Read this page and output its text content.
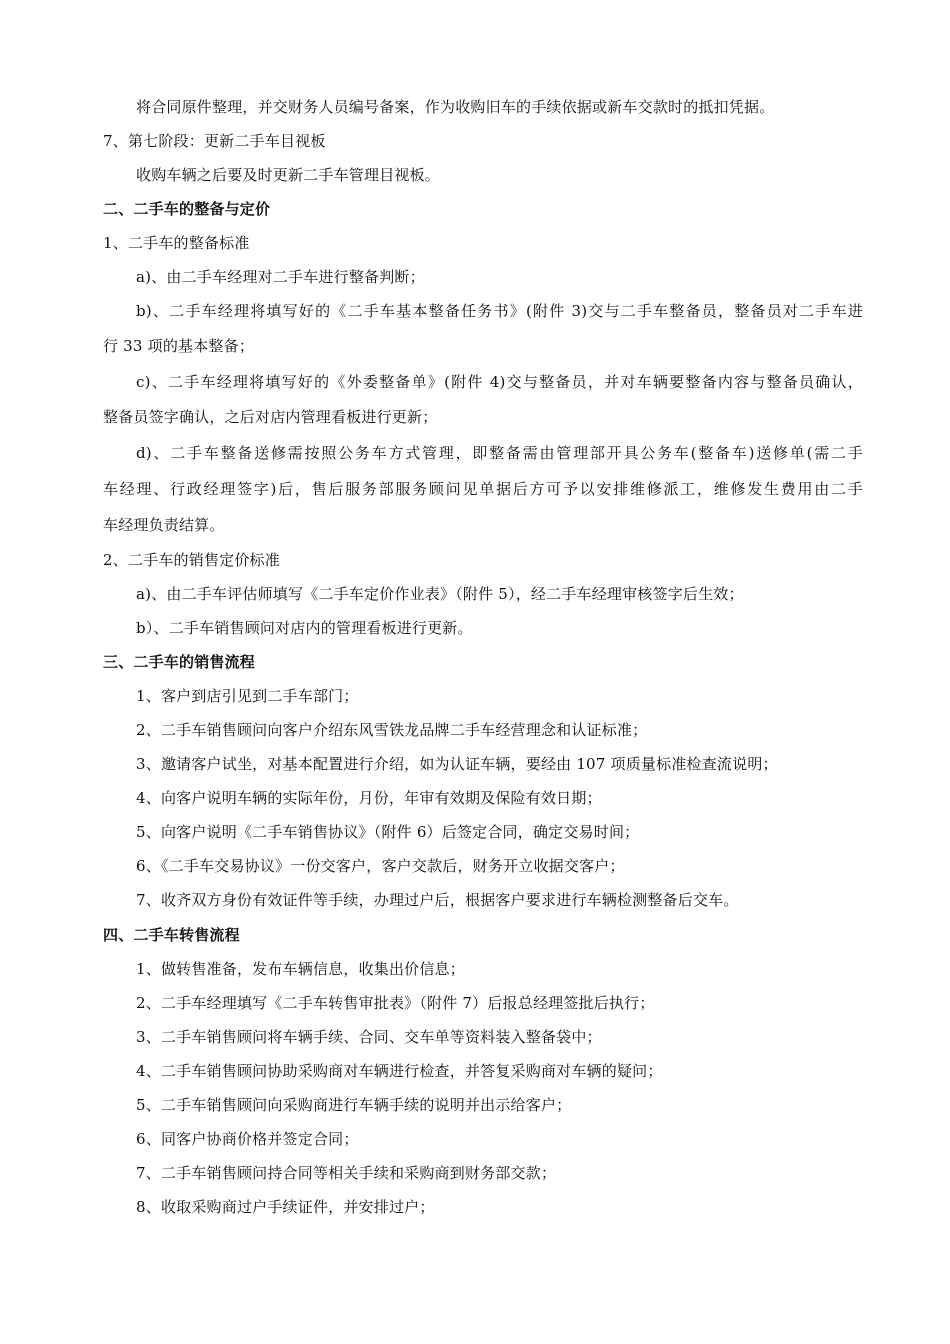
将合同原件整理，并交财务人员编号备案，作为收购旧车的手续依据或新车交款时的抵扣凭据。
7、第七阶段：更新二手车目视板
收购车辆之后要及时更新二手车管理目视板。
二、二手车的整备与定价
1、二手车的整备标准
a)、由二手车经理对二手车进行整备判断；
b)、二手车经理将填写好的《二手车基本整备任务书》(附件 3)交与二手车整备员，整备员对二手车进
行 33 项的基本整备；
c)、二手车经理将填写好的《外委整备单》(附件 4)交与整备员，并对车辆要整备内容与整备员确认，
整备员签字确认，之后对店内管理看板进行更新；
d)、二手车整备送修需按照公务车方式管理，即整备需由管理部开具公务车(整备车)送修单(需二手
车经理、行政经理签字)后，售后服务部服务顾问见单据后方可予以安排维修派工，维修发生费用由二手
车经理负责结算。
2、二手车的销售定价标准
a)、由二手车评估师填写《二手车定价作业表》（附件 5），经二手车经理审核签字后生效；
b）、二手车销售顾问对店内的管理看板进行更新。
三、二手车的销售流程
1、客户到店引见到二手车部门；
2、二手车销售顾问向客户介绍东风雪铁龙品牌二手车经营理念和认证标准；
3、邀请客户试坐，对基本配置进行介绍，如为认证车辆，要经由 107 项质量标准检查流说明；
4、向客户说明车辆的实际年份，月份，年审有效期及保险有效日期；
5、向客户说明《二手车销售协议》（附件 6）后签定合同，确定交易时间；
6、《二手车交易协议》一份交客户，客户交款后，财务开立收据交客户；
7、收齐双方身份有效证件等手续，办理过户后，根据客户要求进行车辆检测整备后交车。
四、二手车转售流程
1、做转售准备，发布车辆信息，收集出价信息；
2、二手车经理填写《二手车转售审批表》（附件 7）后报总经理签批后执行；
3、二手车销售顾问将车辆手续、合同、交车单等资料装入整备袋中；
4、二手车销售顾问协助采购商对车辆进行检查，并答复采购商对车辆的疑问；
5、二手车销售顾问向采购商进行车辆手续的说明并出示给客户；
6、同客户协商价格并签定合同；
7、二手车销售顾问持合同等相关手续和采购商到财务部交款；
8、收取采购商过户手续证件，并安排过户；
